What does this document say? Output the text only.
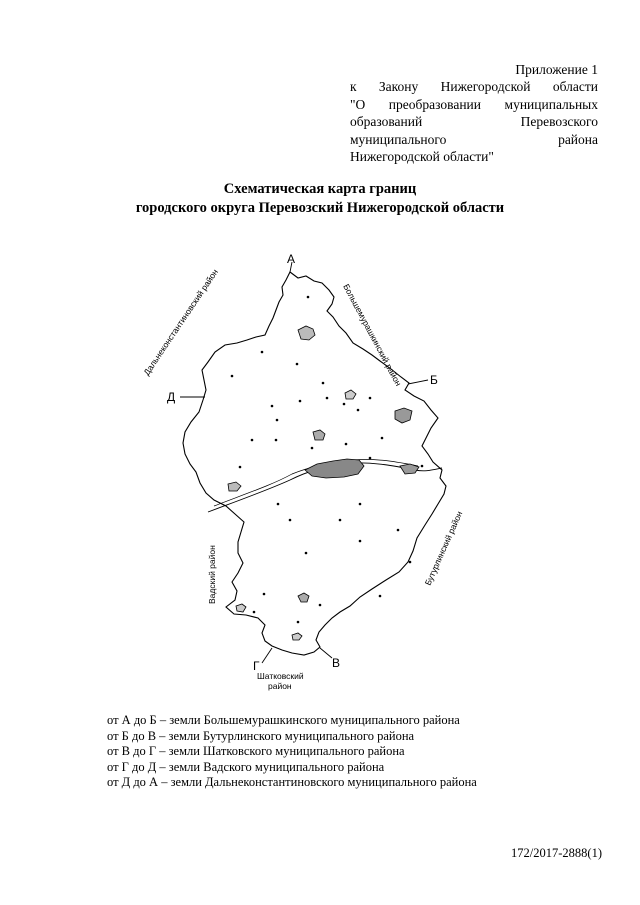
Приложение 1
к Закону Нижегородской области
"О преобразовании муниципальных
образований Перевозского
муниципального района
Нижегородской области"
Схематическая карта границ
городского округа Перевозский Нижегородской области
А
Б
В
Г
Д
Большемурашкинский район
Дальнеконстантиновский район
Бутурлинский район
Вадский район
Шатковский
район
от А до Б – земли Большемурашкинского муниципального района
от Б до В – земли Бутурлинского муниципального района
от В до Г – земли Шатковского муниципального района
от Г до Д – земли Вадского муниципального района
от Д до А – земли Дальнеконстантиновского муниципального района
172/2017-2888(1)
